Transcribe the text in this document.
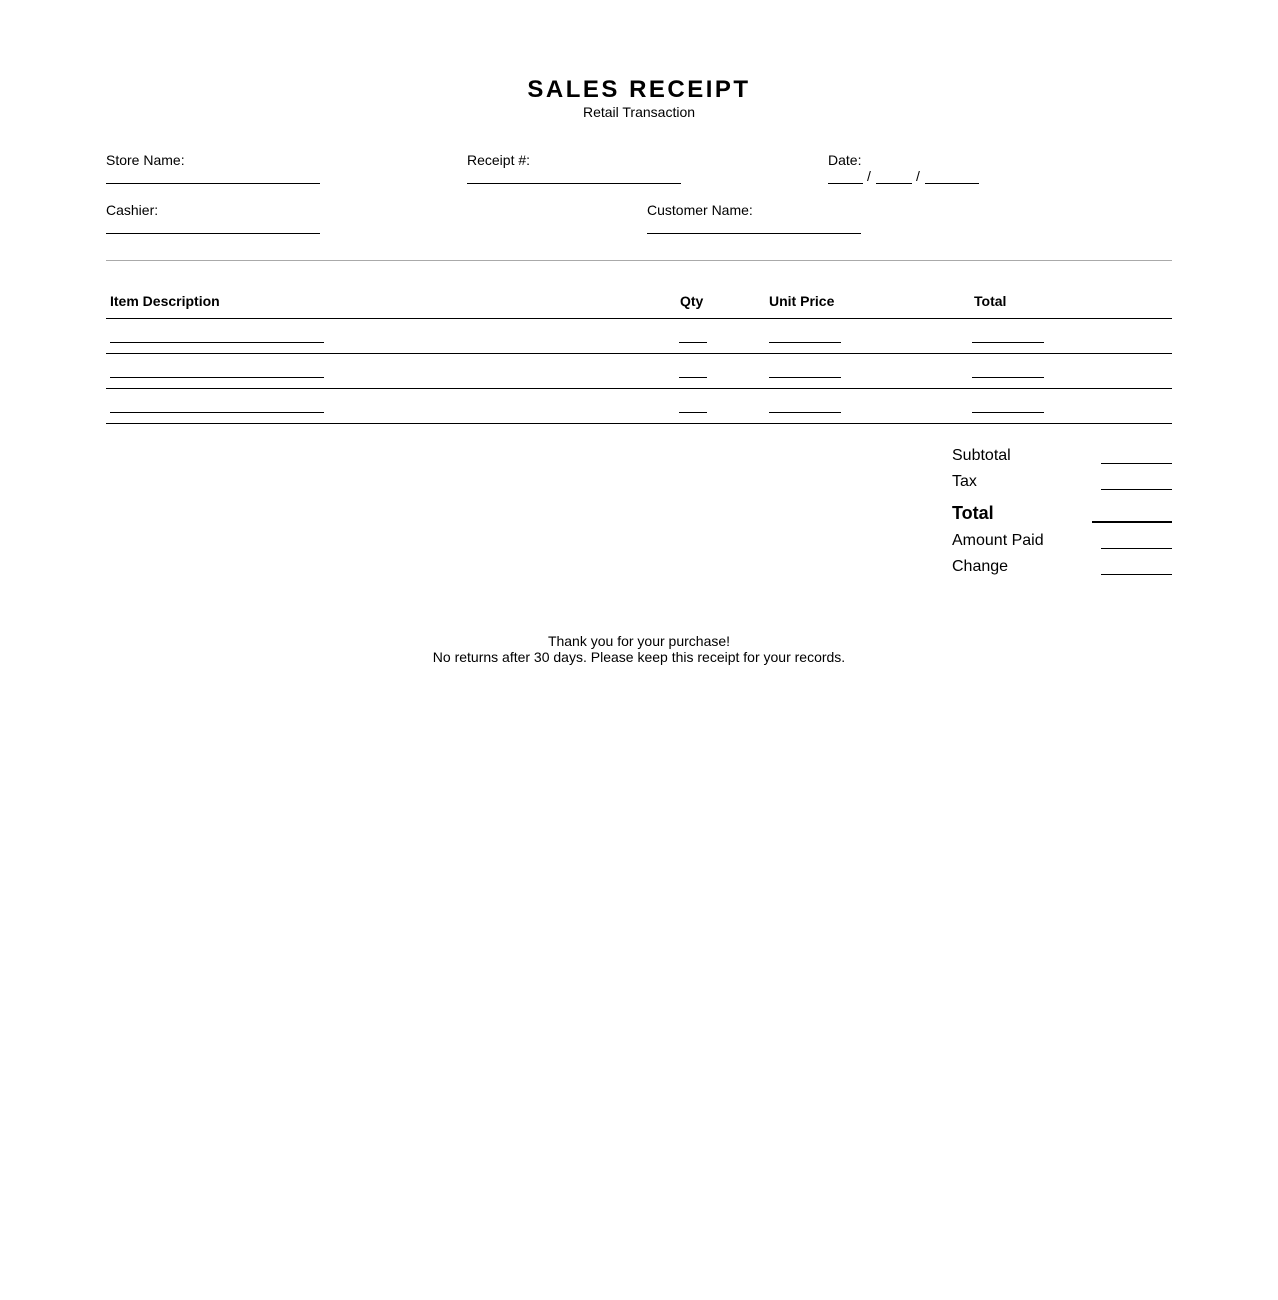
SALES RECEIPT
Retail Transaction
Store Name:	Receipt #:	Date:
/	/
Cashier:	Customer Name:
Item Description	Qty	Unit Price	Total
Subtotal
Tax
Total
Amount Paid
Change
Thank you for your purchase!
No returns after 30 days. Please keep this receipt for your records.
